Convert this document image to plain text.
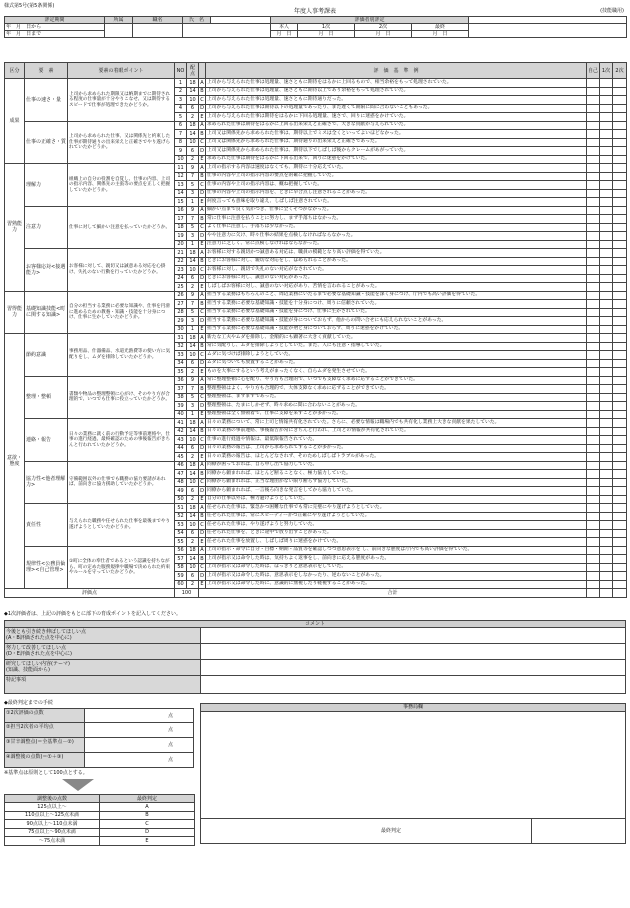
様式第5号(第5条関係)
年度人事考課表	(技能職用)
評定期間	所属	職名	氏　名		評価者別評定				
年　 月　 日から					本人	1次	2次	最終	
年　 月　 日まで					月　 日	月　 日	月　 日	月　 日	
区分	要　素	要素の着眼ポイント	NO	配点		評　価　基　準　例	自己	1次	2次
成果	仕事の速さ・量	上司から求められた期限又は納期までに期待される程度の仕事量が十分やりこなせ、又は期待するスピードで仕事が処理できたかどうか。	1	18	A	上司から与えられた仕事は処理量、速さともに期待をはるかに上回るもので、相当余裕をもって処理されていた。			
			2	14	B	上司から与えられた仕事は処理量、速さともに期待以上であり余裕をもって処理されていた。			
			3	10	C	上司から与えられた仕事は処理量、速さともに期待通りだった。			
			4	6	D	上司から与えられた仕事は期待以下の処理量であったり、また遅くて期限に間に合わないこともあった。			
			5	2	E	上司から与えられた仕事は期待をはるかに下回る処理量、速さで、回りに迷惑をかけていた。			
	仕事の正確さ・質	上司から求められた仕事、又は関係先と約束した仕事が期待通りの出来栄えと正確さでやり遂げられていたかどうか。	6	18	A	求められた仕事は期待をはるかに上回る出来栄えと正確さで、大きな貢献が与えられていた。			
			7	14	B	上司又は関係先から求められた仕事は、期待以上でミスは全くといってよいほどなかった。			
			8	10	C	上司又は関係先から求められた仕事は、期待通りの出来栄えと正確さであった。			
			9	6	D	上司又は関係先から求められた仕事は、期待以下でしばしば後からクレームがあがっていた。			
			10	2	E	求められた仕事は期待をはるかに下回る出来で、回りに迷惑をかけていた。			
習熟能力	理解力	組織上の自分の役割を自覚し、仕事の内容、上司の指示内容、関係先の主張等の要点を正しく把握していたかどうか。	11	9	A	上司の指示する内容は速度はなくても、期待に十分応えていた。			
			12	7	B	仕事の内容や上司の指示内容の要点を的確に把握していた。			
			13	5	C	仕事の内容や上司の指示内容は、概ね把握していた。			
			14	3	D	仕事の内容や上司の指示内容を、ときに早合点し注意されることがあった。			
			15	1	E	何度言っても意味を取り違え、しばしば注意されていた。			
	注意力	仕事に対して細かい注意を払っていたかどうか。	16	9	A	細かい点まで良く気がつき、仕事に全くそつがなかった。			
			17	7	B	常に仕事に注意を払うことに努力し、まず手落ちはなかった。			
			18	5	C	よく仕事に注意し、手落ちは少なかった。			
			19	3	D	やや注意力に欠け、時々仕事の結果を点検しなければならなかった。			
			20	1	E	注意力に乏しく、常に点検しなければならなかった。			
	お客様応対<接遇能力>	お客様に対して、親切又は誠意ある対応を心掛け、失礼のない行動を行っていたかどうか。	21	18	A	お客様に対する親切かつ誠意ある対応は、職員の模範となり高い評価を得ていた。			
			22	14	B	ときにお客様に対し、親切な対応をし、ほめられることがあった。			
			23	10	C	お客様に対し、親切で失礼のない対応がなされていた。			
			24	6	D	ときにお客様に対し、誠意のない対応があった。			
			25	2	E	しばしばお客様に対し、誠意のない対応があり、苦情を言われることがあった。			
習得能力	基礎知識技能<町に関する知識>	自分の担当する業務に必要な知識や、仕事を円滑に進めるための教養・知識・技能を十分身につけ、仕事に生かしていたかどうか。	26	9	A	担当する業務はもちろんのこと、周辺業務にいたるまで必要な基礎知識・技能を深く身につけ、庁内でも高い評価を得ていた。			
			27	7	B	担当する業務に必要な基礎知識・技能を十分身につけ、周りに信頼されていた。			
			28	5	C	担当する業務に必要な基礎知識・技能を身につけ、仕事に生かされていた。			
			29	3	D	担当する業務に必要な基礎知識・技能が身についておらず、他からの問い合せにも応えられないことがあった。			
			30	1	E	担当する業務に必要な基礎知識・技能が殆ど身についておらず、周りに迷惑をかけていた。			
意欲・態度	節約意識	事務用品、什器備品、水道光熱費等の使い方に気配りをし、ムダを排除していたかどうか。	31	18	A	新たな工夫やムダを排除し、金額的にも顕著に大きく貢献していた。			
			32	14	B	常に気配りし、ムダを排除しようとしていた。また、人にも注意・指導していた。			
			33	10	C	ムダに気づけば排除しようとしていた。			
			34	6	D	ムダに気づいても放置することがあった。			
			35	2	E	ものを大事にするという考えがまったくなく、自らムダを発生させていた。			
	整理・整頓	書類や物品の整理整頓に心がけ、そのやり方が合理的で、いつでも仕事に役立っていたかどうか。	36	9	A	常に整理整頓に心を配り、やり方も合理的で、いつでも支障なく求めに応ずることができていた。			
			37	7	B	整理整頓はよく、やり方も合理的で、大体支障なく求めに応ずることができていた。			
			38	5	C	整理整頓は、まずまずであった。			
			39	3	D	整理整頓は、たまにしかせず、時々求めに間に合わないことがあった。			
			40	1	E	整理整頓は全く無頓着で、仕事に支障を来すことが多かった。			
	連絡・報告	日々の業務に就く前の行動予定等事前連絡や、仕事の進行経過、最終確認のための事後報告がきちんと行われていたかどうか。	41	18	A	日々の業務について、常に上司と情報共有化されていた。さらに、必要な情報は職場内でも共有化し業務上大きな貢献を果たしていた。			
			42	14	B	日々の業務の事前連絡、事後報告が常にきちんと行われ、上司との情報が共有化されていた。			
			43	10	C	仕事の進行経過や情報は、最低限報告されていた。			
			44	6	D	日々の業務の報告は、上司から求められてすることが多かった。			
			45	2	E	日々の業務の報告は、ほとんどなされず、そのためしばしばトラブルがあった。			
	協力性<他者理解力>	守備範囲以外の仕事でも職務の協力要請があれば、前向きに協力援助していたかどうか。	46	18	A	同僚が困っておれば、自ら申し出て協力していた。			
			47	14	B	同僚から頼まれれば、ほとんど断ることなく、極力協力していた。			
			48	10	C	同僚から頼まれれば、正当な理由がない限り断らず協力していた。			
			49	6	D	同僚から頼まれれば、一言後ろ向きな発言をしてから協力していた。			
			50	2	E	自分の仕事以外は、極力避けようとしていた。			
	責任性	与えられた職務や任せられた仕事を最後までやり遂げようとしていたかどうか。	51	18	A	任せられた仕事は、緊急かつ困難な仕事でも常に完璧にやり遂げようとしていた。			
			52	14	B	任せられた仕事は、常にスピーディーかつ正確にやり遂げようとしていた。			
			53	10	C	任せられた仕事は、やり遂げようと努力していた。			
			54	6	D	任せられた仕事を、ときに途中で放り出すことがあった。			
			55	2	E	任せられた仕事を放置し、しばしば周りに迷惑をかけていた。			
	規律性<公務員倫理><自己管理>	①町に全体の奉仕者であるという認識を持ちながら、町の定めた服務規律や職場で決められた約束やルールを守っていたかどうか。	56	18	A	上司の指示・命令に自分・目標・納期・品質等を確認しつつ意思表示を し、前向きな態度は庁内でも高い評価を得ていた。			
			57	14	B	上司が指示又は命令した時は、気持ちよく返事をし、前向きに応える態度があった。			
			58	10	C	上司が指示又は命令した時は、ほっきりと意思表示をしていた。			
			59	6	D	上司が指示又は命令した時は、意思表示をしなかったり、逆わないことがあった。			
			60	2	E	上司が指示又は命令した時に、意識的に無視したり軽視することがあった。			
評価点			100		合計				
◆1次評価者は、上記の評価をもとに部下の育成ポイントを記入してください。
コメント
今後とも引き続き伸ばしてほしい点
(A・B評価された点を中心に)
努力して改善してほしい点
(D・E評価された点を中心に)
研究してほしい内容(テーマ)
(知識、技能面から)
特記事項
◆最終判定までの手続
①2次評価の点数	点
②担当2次者の平均点	点
③甘辛調整点(＝全基準点－②)	点
④調整後の点数(＝①＋③)	点
※基準点は原則として100点とする。
調整後の点数	最終判定
125点以上〜	A
110点以上〜125点未満	B
90点以上〜110点未満	C
75点以上〜90点未満	D
〜75点未満	E
事務局欄
最終判定
